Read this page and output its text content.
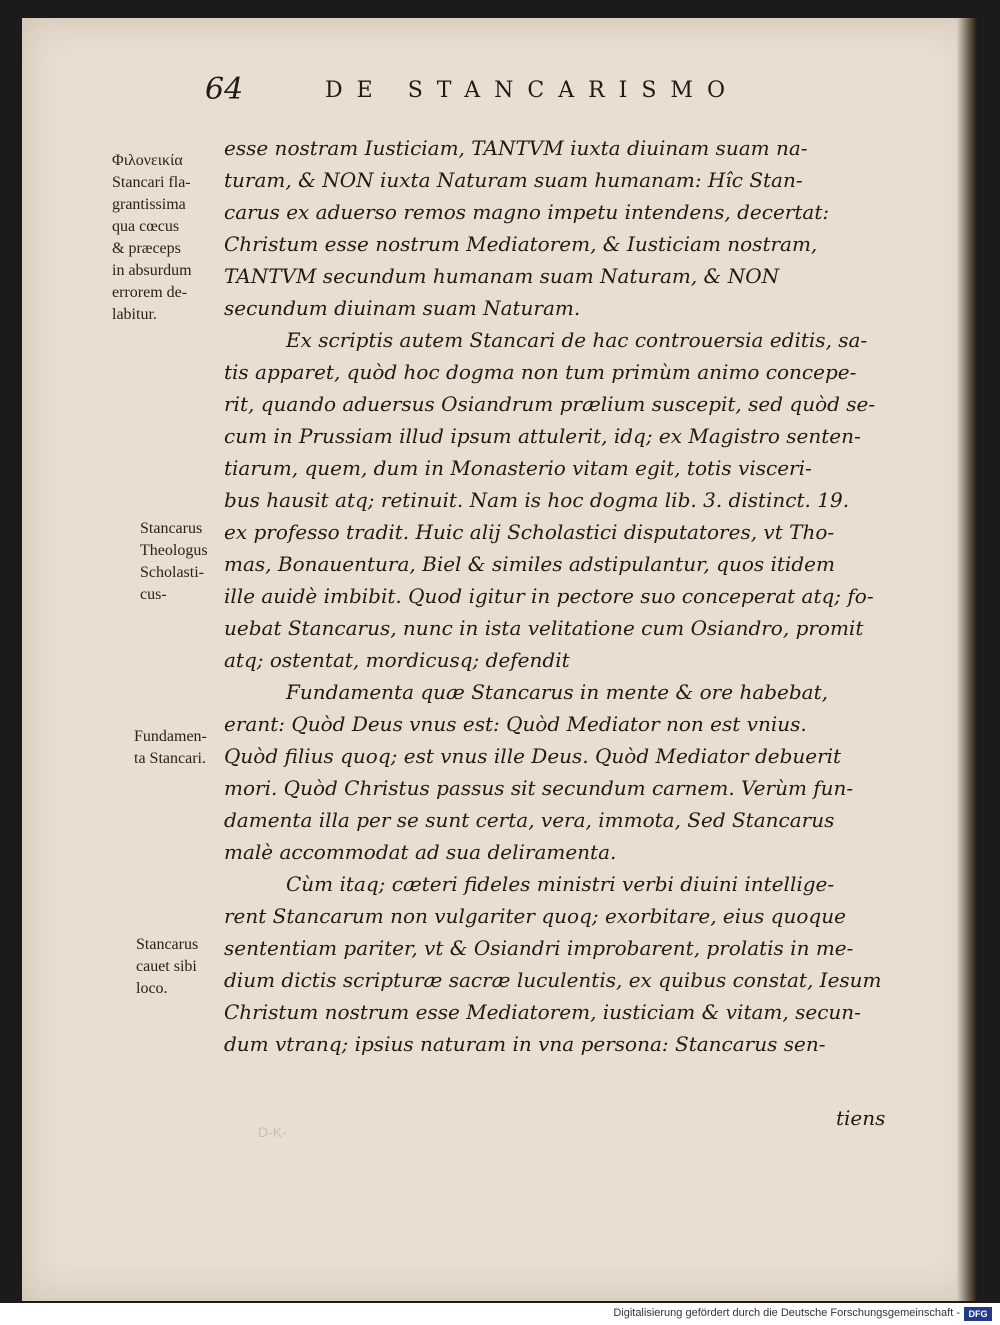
64	DE STANCARISMO
Φιλονεικία
Stancari fla-
grantissima
qua cœcus
& præceps
in absurdum
errorem de-
labitur.
Stancarus
Theologus
Scholasti-
cus-
Fundamen-
ta Stancari.
Stancarus
cauet sibi
loco.
esse nostram Iusticiam, TANTVM iuxta diuinam suam na-
turam, & NON iuxta Naturam suam humanam: Hîc Stan-
carus ex aduerso remos magno impetu intendens, decertat:
Christum esse nostrum Mediatorem, & Iusticiam nostram,
TANTVM secundum humanam suam Naturam, & NON
secundum diuinam suam Naturam.
Ex scriptis autem Stancari de hac controuersia editis, sa-
tis apparet, quòd hoc dogma non tum primùm animo concepe-
rit, quando aduersus Osiandrum prælium suscepit, sed quòd se-
cum in Prussiam illud ipsum attulerit, idq; ex Magistro senten-
tiarum, quem, dum in Monasterio vitam egit, totis visceri-
bus hausit atq; retinuit. Nam is hoc dogma lib. 3. distinct. 19.
ex professo tradit. Huic alij Scholastici disputatores, vt Tho-
mas, Bonauentura, Biel & similes adstipulantur, quos itidem
ille auidè imbibit. Quod igitur in pectore suo conceperat atq; fo-
uebat Stancarus, nunc in ista velitatione cum Osiandro, promit
atq; ostentat, mordicusq; defendit
Fundamenta quæ Stancarus in mente & ore habebat,
erant: Quòd Deus vnus est: Quòd Mediator non est vnius.
Quòd filius quoq; est vnus ille Deus. Quòd Mediator debuerit
mori. Quòd Christus passus sit secundum carnem. Verùm fun-
damenta illa per se sunt certa, vera, immota, Sed Stancarus
malè accommodat ad sua deliramenta.
Cùm itaq; cæteri fideles ministri verbi diuini intellige-
rent Stancarum non vulgariter quoq; exorbitare, eius quoque
sententiam pariter, vt & Osiandri improbarent, prolatis in me-
dium dictis scripturæ sacræ luculentis, ex quibus constat, Iesum
Christum nostrum esse Mediatorem, iusticiam & vitam, secun-
dum vtranq; ipsius naturam in vna persona: Stancarus sen-
D-K-
tiens
Digitalisierung gefördert durch die Deutsche Forschungsgemeinschaft - DFG
